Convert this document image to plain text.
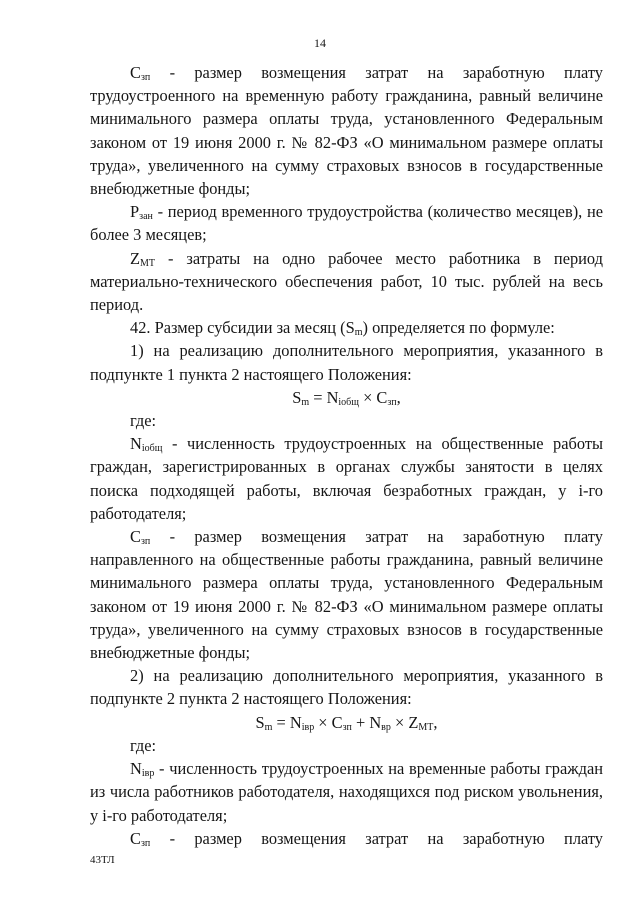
14

$С_{зп}$ - размер возмещения затрат на заработную плату трудоустроенного на временную работу гражданина, равный величине минимального размера оплаты труда, установленного Федеральным законом от 19 июня 2000 г. № 82-ФЗ «О минимальном размере оплаты труда», увеличенного на сумму страховых взносов в государственные внебюджетные фонды;

$Р_{зан}$ - период временного трудоустройства (количество месяцев), не более 3 месяцев;

$Z_{МТ}$ - затраты на одно рабочее место работника в период материально-технического обеспечения работ, 10 тыс. рублей на весь период.

42. Размер субсидии за месяц $(S_m)$ определяется по формуле:

1) на реализацию дополнительного мероприятия, указанного в подпункте 1 пункта 2 настоящего Положения:

$S_m = N_{iобщ} \times С_{зп}$,

где:

$N_{iобщ}$ - численность трудоустроенных на общественные работы граждан, зарегистрированных в органах службы занятости в целях поиска подходящей работы, включая безработных граждан, у i-го работодателя;

$С_{зп}$ - размер возмещения затрат на заработную плату направленного на общественные работы гражданина, равный величине минимального размера оплаты труда, установленного Федеральным законом от 19 июня 2000 г. № 82-ФЗ «О минимальном размере оплаты труда», увеличенного на сумму страховых взносов в государственные внебюджетные фонды;

2) на реализацию дополнительного мероприятия, указанного в подпункте 2 пункта 2 настоящего Положения:

$S_m = N_{iвр} \times С_{зп} + N_{вр} \times Z_{МТ}$,

где:

$N_{iвр}$ - численность трудоустроенных на временные работы граждан из числа работников работодателя, находящихся под риском увольнения, у i-го работодателя;

$С_{зп}$ - размер возмещения затрат на заработную плату

43ТЛ
